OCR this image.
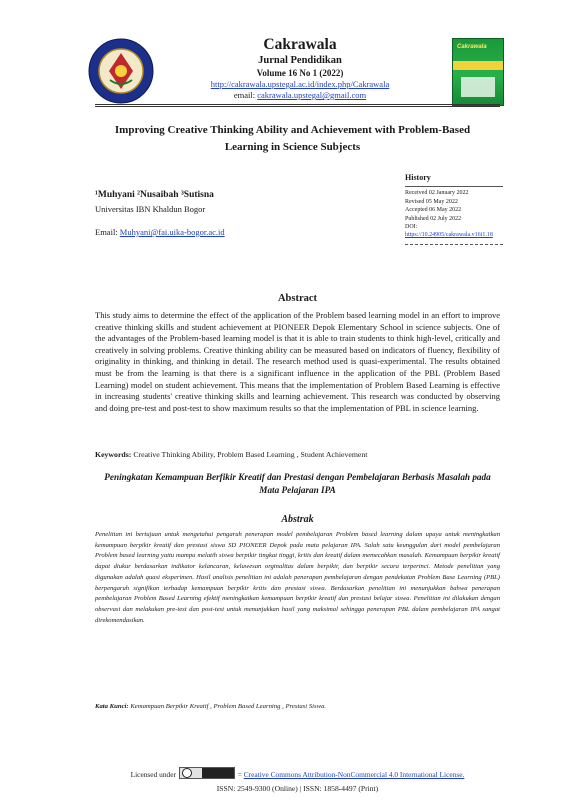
Cakrawala
Cakrawala
Jurnal Pendidikan
Volume 16 No 1 (2022)
http://cakrawala.upstegal.ac.id/index.php/Cakrawala
email: cakrawala.upstegal@gmail.com
Improving Creative Thinking Ability and Achievement with Problem-Based Learning in Science Subjects
¹Muhyani ²Nusaibah ³Sutisna
Universitas IBN Khaldun Bogor
Email: Muhyani@fai.uika-bogor.ac.id
History
Received 02 January 2022
Revised 05 May 2022
Accepted 06 May 2022
Published 02 July 2022
DOI:
https://10.24905/cakrawala.v16i1.18
Abstract
This study aims to determine the effect of the application of the Problem based learning model in an effort to improve creative thinking skills and student achievement at PIONEER Depok Elementary School in science subjects. One of the advantages of the Problem-based learning model is that it is able to train students to think high-level, critically and creatively in solving problems. Creative thinking ability can be measured based on indicators of fluency, flexibility of originality in thinking, and thinking in detail. The research method used is quasi-experimental. The results obtained must be from the learning is that there is a significant influence in the application of the PBL (Problem Based Learning) model on student achievement. This means that the implementation of Problem Based Learning is effective in increasing students' creative thinking skills and learning achievement. This research was conducted by observing and doing pre-test and post-test to show maximum results so that the implementation of PBL in science learning.
Keywords: Creative Thinking Ability, Problem Based Learning , Student Achievement
Peningkatan Kemampuan Berfikir Kreatif dan Prestasi dengan Pembelajaran Berbasis Masalah pada Mata Pelajaran IPA
Abstrak
Penelitian ini bertujuan untuk mengetahui pengaruh penerapan model pembelajaran Problem based learning dalam upaya untuk meningkatkan kemampuan berpikir kreatif dan prestasi siswa SD PIONEER Depok pada mata pelajaran IPA. Salah satu keunggulan dari model pembelajaran Problem based learning yaitu mampu melatih siswa berpikir tingkat tinggi, kritis dan kreatif dalam memecahkan masalah. Kemampuan berpikir kreatif dapat diukur berdasarkan indikator kelancaran, keluwesan orginalitas dalam berpikir, dan berpikir secara terperinci. Metode penelitian yang digunakan adalah quasi eksperimen. Hasil analisis penelitian ini adalah penerapan pembelajaran dengan pendekatan Problem Base Learning (PBL) berpengaruh signifikan terhadap kemampuan berpikir kritis dan prestasi siswa. Berdasarkan penelitian ini menunjukkan bahwa penerapan pembelajaran Problem Based Learning efektif meningkatkan kemampuan berpikir kreatif dan prestasi belajar siswa. Penelitian ini dilakukan dengan observasi dan melakukan pre-test dan post-test untuk menunjukkan hasil yang maksimal sehingga penerapan PBL dalam pembelajaran IPA sangat direkomendasikan.
Kata Kunci: Kemampuan Berpikir Kreatif , Problem Based Learning , Prestasi Siswa.
Licensed under	= Creative Commons Attribution-NonCommercial 4.0 International License.
ISSN: 2549-9300 (Online) | ISSN: 1858-4497 (Print)
